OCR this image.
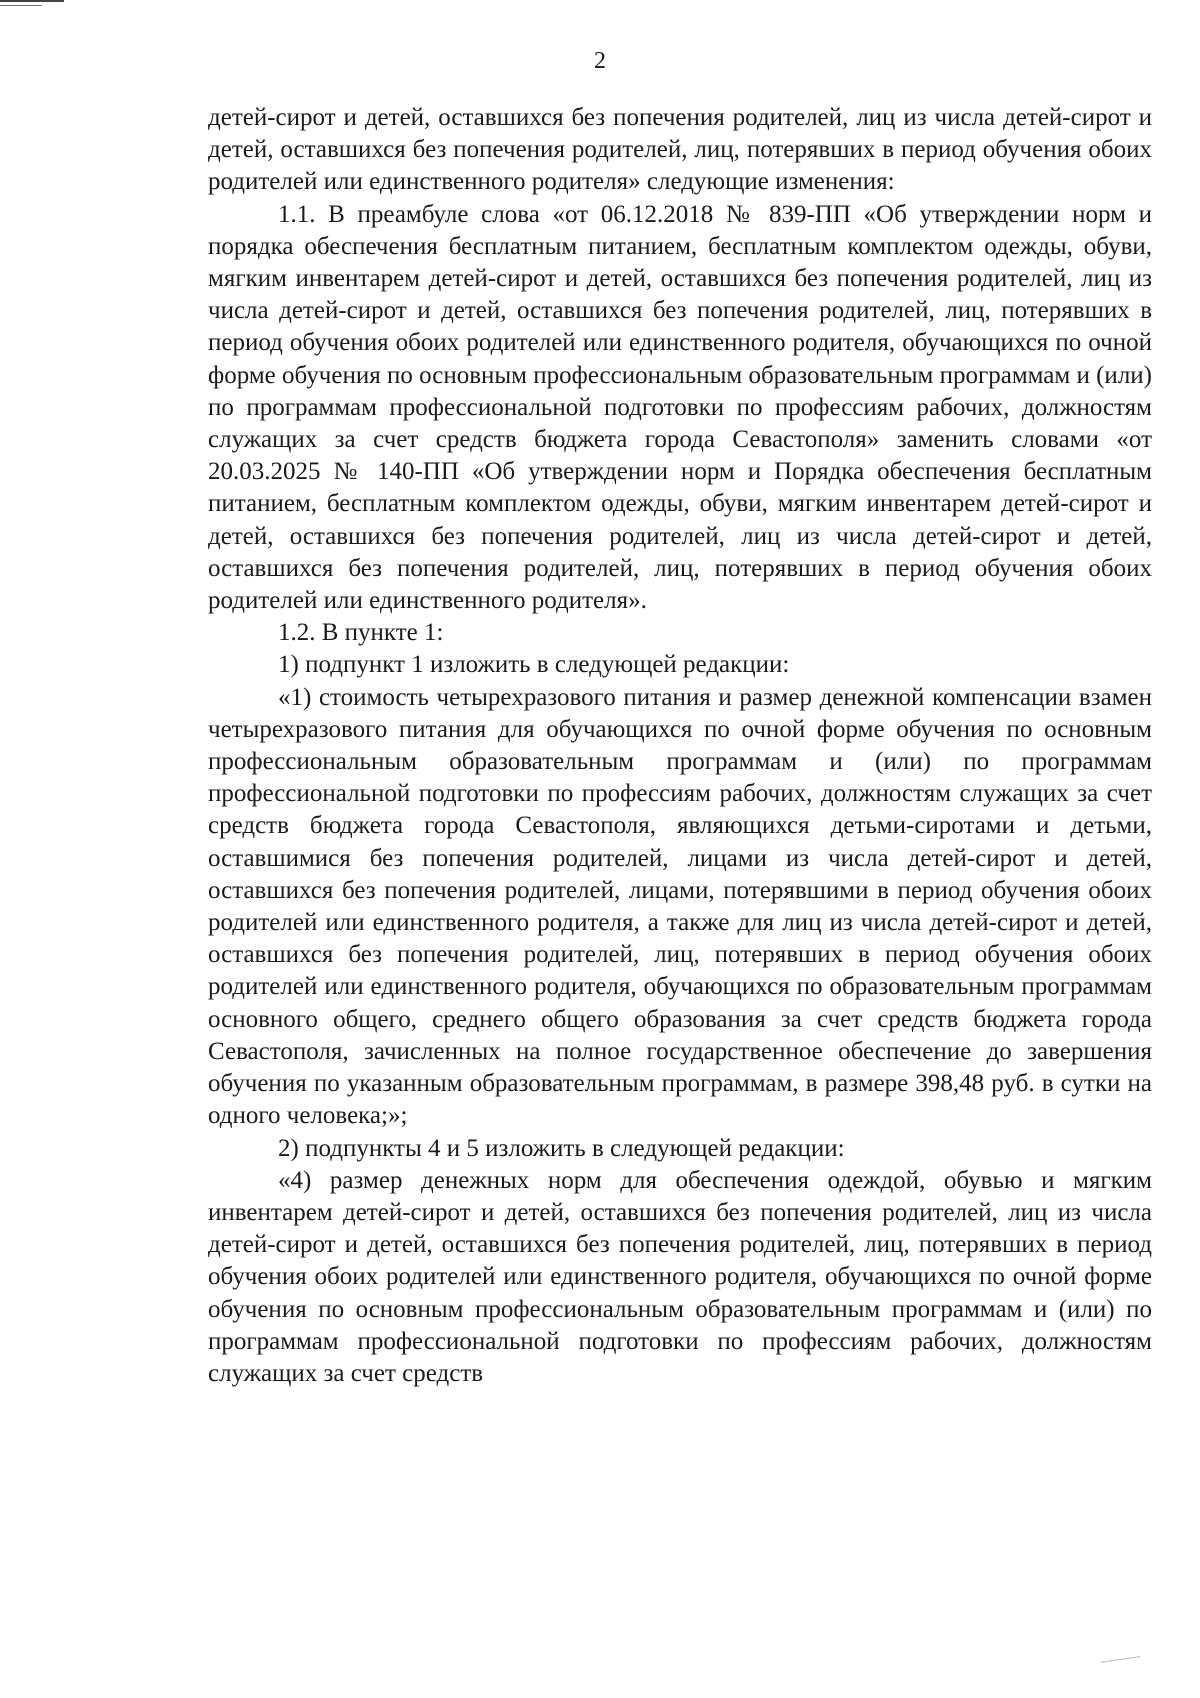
2

детей-сирот и детей, оставшихся без попечения родителей, лиц из числа детей-сирот и детей, оставшихся без попечения родителей, лиц, потерявших в период обучения обоих родителей или единственного родителя» следующие изменения:

1.1. В преамбуле слова «от 06.12.2018 № 839-ПП «Об утверждении норм и порядка обеспечения бесплатным питанием, бесплатным комплектом одежды, обуви, мягким инвентарем детей-сирот и детей, оставшихся без попечения родителей, лиц из числа детей-сирот и детей, оставшихся без попечения родителей, лиц, потерявших в период обучения обоих родителей или единственного родителя, обучающихся по очной форме обучения по основным профессиональным образовательным программам и (или) по программам профессиональной подготовки по профессиям рабочих, должностям служащих за счет средств бюджета города Севастополя» заменить словами «от 20.03.2025 № 140-ПП «Об утверждении норм и Порядка обеспечения бесплатным питанием, бесплатным комплектом одежды, обуви, мягким инвентарем детей-сирот и детей, оставшихся без попечения родителей, лиц из числа детей-сирот и детей, оставшихся без попечения родителей, лиц, потерявших в период обучения обоих родителей или единственного родителя».

1.2. В пункте 1:

1) подпункт 1 изложить в следующей редакции:

«1) стоимость четырехразового питания и размер денежной компенсации взамен четырехразового питания для обучающихся по очной форме обучения по основным профессиональным образовательным программам и (или) по программам профессиональной подготовки по профессиям рабочих, должностям служащих за счет средств бюджета города Севастополя, являющихся детьми-сиротами и детьми, оставшимися без попечения родителей, лицами из числа детей-сирот и детей, оставшихся без попечения родителей, лицами, потерявшими в период обучения обоих родителей или единственного родителя, а также для лиц из числа детей-сирот и детей, оставшихся без попечения родителей, лиц, потерявших в период обучения обоих родителей или единственного родителя, обучающихся по образовательным программам основного общего, среднего общего образования за счет средств бюджета города Севастополя, зачисленных на полное государственное обеспечение до завершения обучения по указанным образовательным программам, в размере 398,48 руб. в сутки на одного человека;»;

2) подпункты 4 и 5 изложить в следующей редакции:

«4) размер денежных норм для обеспечения одеждой, обувью и мягким инвентарем детей-сирот и детей, оставшихся без попечения родителей, лиц из числа детей-сирот и детей, оставшихся без попечения родителей, лиц, потерявших в период обучения обоих родителей или единственного родителя, обучающихся по очной форме обучения по основным профессиональным образовательным программам и (или) по программам профессиональной подготовки по профессиям рабочих, должностям служащих за счет средств
